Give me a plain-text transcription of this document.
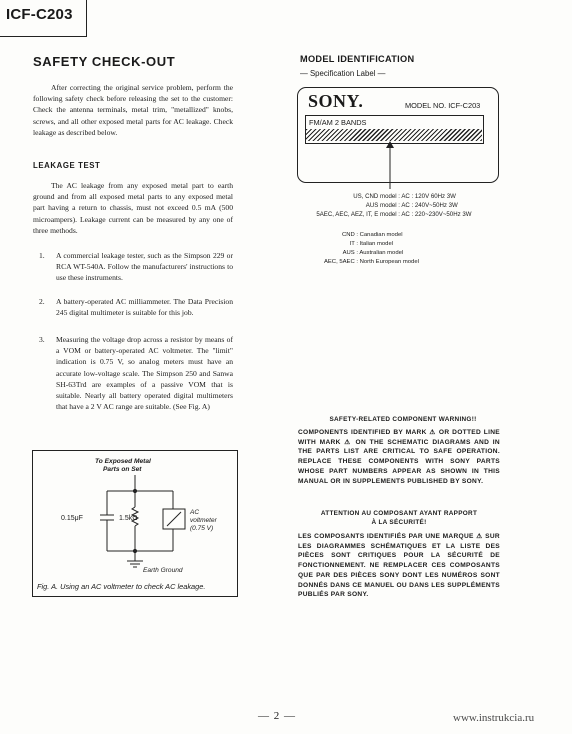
ICF-C203
SAFETY CHECK-OUT
After correcting the original service problem, perform the following safety check before releasing the set to the customer: Check the antenna terminals, metal trim, "metallized" knobs, screws, and all other exposed metal parts for AC leakage. Check leakage as described below.
LEAKAGE TEST
The AC leakage from any exposed metal part to earth ground and from all exposed metal parts to any exposed metal part having a return to chassis, must not exceed 0.5 mA (500 microampers). Leakage current can be measured by any one of three methods.
1. A commercial leakage tester, such as the Simpson 229 or RCA WT-540A. Follow the manufacturers' instructions to use these instruments.
2. A battery-operated AC milliammeter. The Data Precision 245 digital multimeter is suitable for this job.
3. Measuring the voltage drop across a resistor by means of a VOM or battery-operated AC voltmeter. The "limit" indication is 0.75 V, so analog meters must have an accurate low-voltage scale. The Simpson 250 and Sanwa SH-63Trd are examples of a passive VOM that is suitable. Nearly all battery operated digital multimeters that have a 2 V AC range are suitable. (See Fig. A)
To Exposed Metal
Parts on Set
0.15μF	1.5kΩ
AC
voltmeter
(0.75 V)
Earth Ground
Fig. A. Using an AC voltmeter to check AC leakage.
MODEL IDENTIFICATION
— Specification Label —
SONY.	MODEL NO. ICF-C203
FM/AM 2 BANDS
US, CND model : AC : 120V 60Hz 3W
AUS model : AC : 240V~50Hz 3W
5AEC, AEC, AEZ, IT, E model : AC : 220~230V~50Hz 3W
CND : Canadian model
IT : Italian model
AUS : Australian model
AEC, 5AEC : North European model
SAFETY-RELATED COMPONENT WARNING!!
COMPONENTS IDENTIFIED BY MARK ⚠ OR DOTTED LINE WITH MARK ⚠ ON THE SCHEMATIC DIAGRAMS AND IN THE PARTS LIST ARE CRITICAL TO SAFE OPERATION. REPLACE THESE COMPONENTS WITH SONY PARTS WHOSE PART NUMBERS APPEAR AS SHOWN IN THIS MANUAL OR IN SUPPLEMENTS PUBLISHED BY SONY.
ATTENTION AU COMPOSANT AYANT RAPPORT
À LA SÉCURITÉ!
LES COMPOSANTS IDENTIFIÉS PAR UNE MARQUE ⚠ SUR LES DIAGRAMMES SCHÉMATIQUES ET LA LISTE DES PIÈCES SONT CRITIQUES POUR LA SÉCURITÉ DE FONCTIONNEMENT. NE REMPLACER CES COMPOSANTS QUE PAR DES PIÈCES SONY DONT LES NUMÉROS SONT DONNÉS DANS CE MANUEL OU DANS LES SUPPLÉMENTS PUBLIÉS PAR SONY.
— 2 —	www.instrukcia.ru
